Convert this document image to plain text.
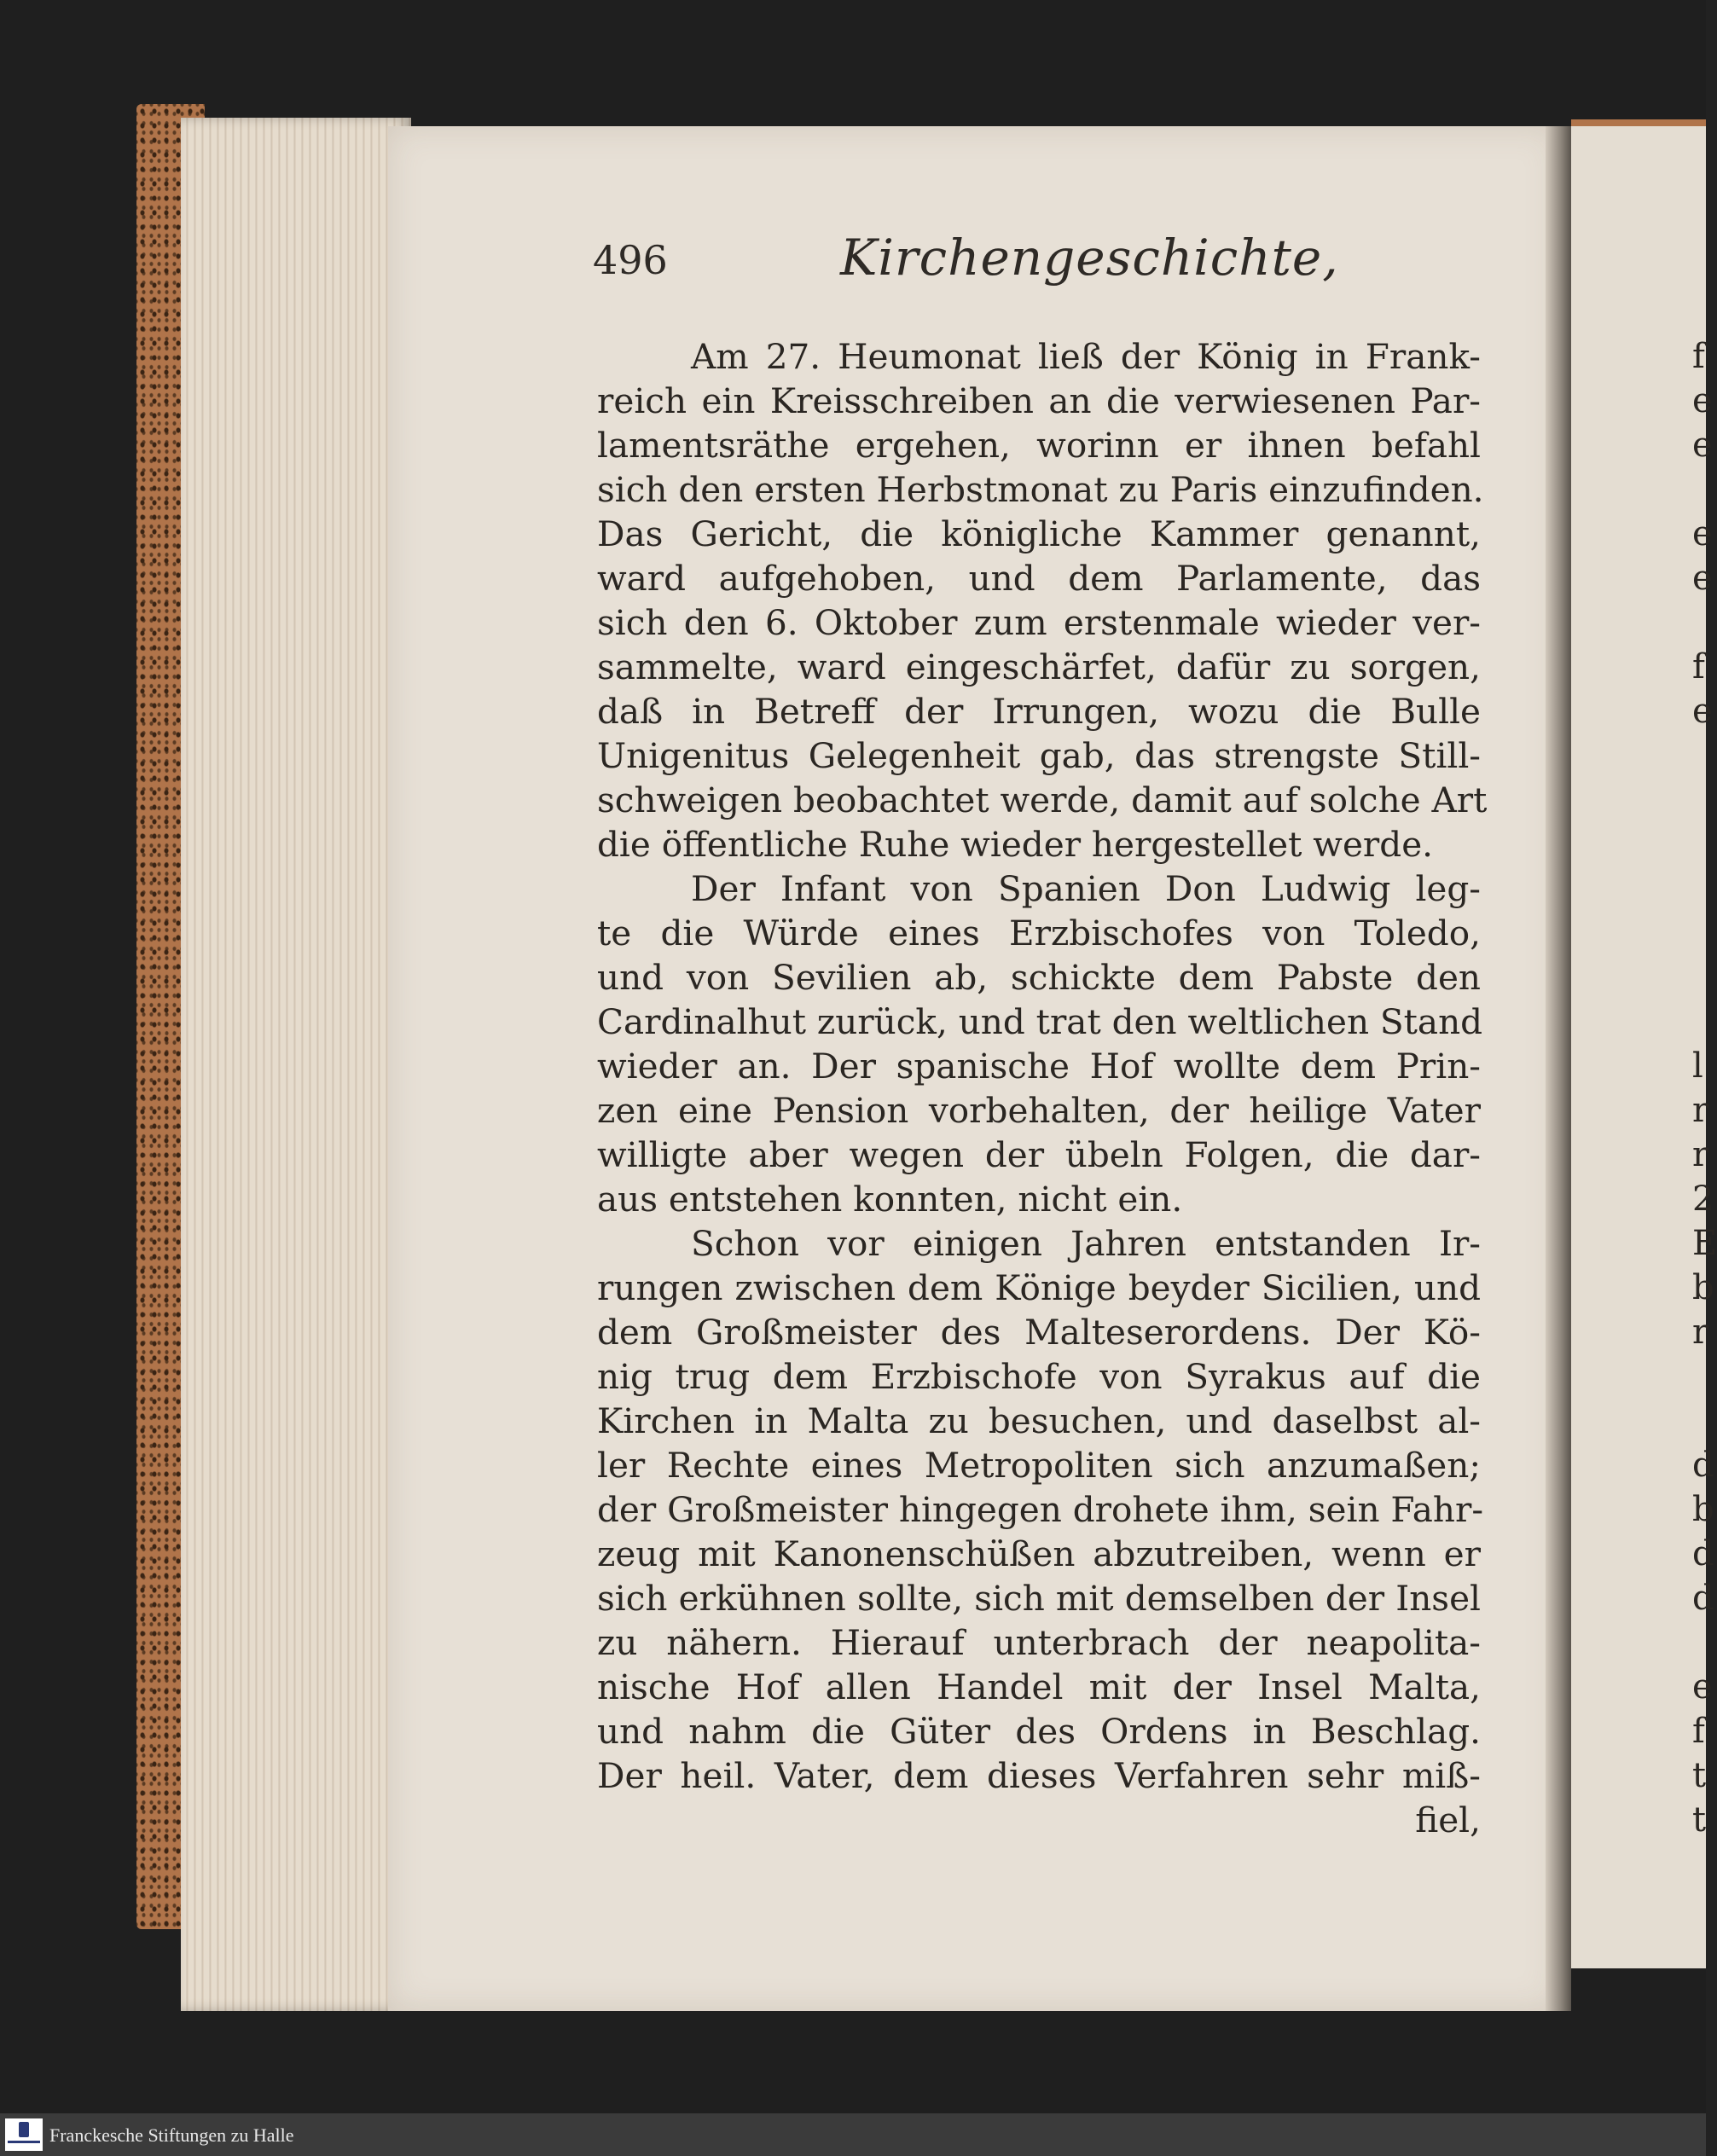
496	Kirchengeschichte,
Am 27. Heumonat ließ der König in Frank-
reich ein Kreisschreiben an die verwiesenen Par-
lamentsräthe ergehen, worinn er ihnen befahl
sich den ersten Herbstmonat zu Paris einzufinden.
Das Gericht, die königliche Kammer genannt,
ward aufgehoben, und dem Parlamente, das
sich den 6. Oktober zum erstenmale wieder ver-
sammelte, ward eingeschärfet, dafür zu sorgen,
daß in Betreff der Irrungen, wozu die Bulle
Unigenitus Gelegenheit gab, das strengste Still-
schweigen beobachtet werde, damit auf solche Art
die öffentliche Ruhe wieder hergestellet werde.
Der Infant von Spanien Don Ludwig leg-
te die Würde eines Erzbischofes von Toledo,
und von Sevilien ab, schickte dem Pabste den
Cardinalhut zurück, und trat den weltlichen Stand
wieder an. Der spanische Hof wollte dem Prin-
zen eine Pension vorbehalten, der heilige Vater
willigte aber wegen der übeln Folgen, die dar-
aus entstehen konnten, nicht ein.
Schon vor einigen Jahren entstanden Ir-
rungen zwischen dem Könige beyder Sicilien, und
dem Großmeister des Malteserordens. Der Kö-
nig trug dem Erzbischofe von Syrakus auf die
Kirchen in Malta zu besuchen, und daselbst al-
ler Rechte eines Metropoliten sich anzumaßen;
der Großmeister hingegen drohete ihm, sein Fahr-
zeug mit Kanonenschüßen abzutreiben, wenn er
sich erkühnen sollte, sich mit demselben der Insel
zu nähern. Hierauf unterbrach der neapolita-
nische Hof allen Handel mit der Insel Malta,
und nahm die Güter des Ordens in Beschlag.
Der heil. Vater, dem dieses Verfahren sehr miß-
fiel,
f
e
e
e
e
f
e
l
r
r
2
E
b
r
d
b
d
d
e
f
t
t
Franckesche Stiftungen zu Halle
